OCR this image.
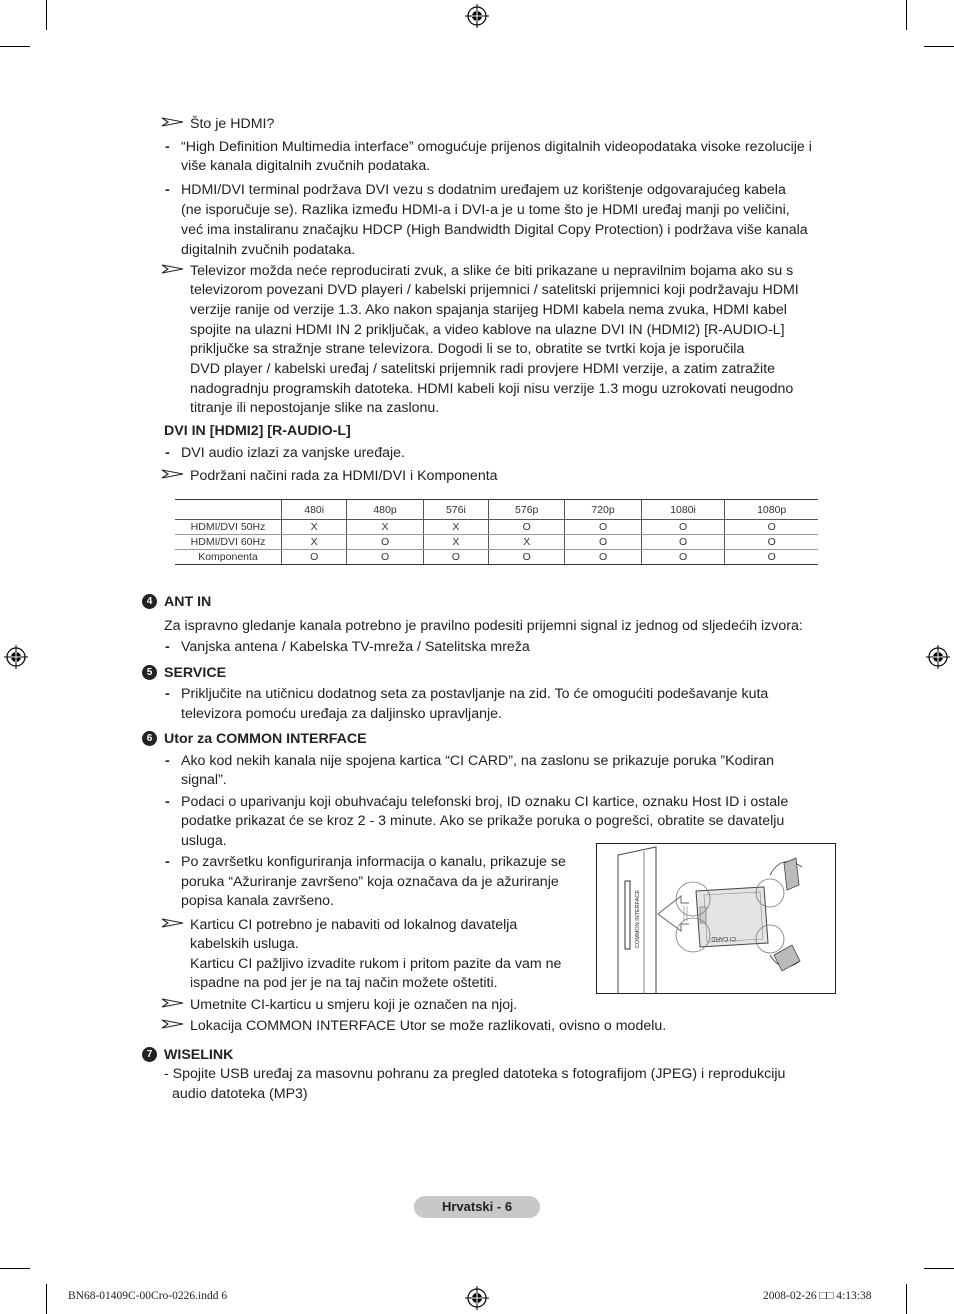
Što je HDMI?
- “High Definition Multimedia interface” omogućuje prijenos digitalnih videopodataka visoke rezolucije i
više kanala digitalnih zvučnih podataka.
- HDMI/DVI terminal podržava DVI vezu s dodatnim uređajem uz korištenje odgovarajućeg kabela
(ne isporučuje se). Razlika između HDMI-a i DVI-a je u tome što je HDMI uređaj manji po veličini,
već ima instaliranu značajku HDCP (High Bandwidth Digital Copy Protection) i podržava više kanala
digitalnih zvučnih podataka.
Televizor možda neće reproducirati zvuk, a slike će biti prikazane u nepravilnim bojama ako su s
televizorom povezani DVD playeri / kabelski prijemnici / satelitski prijemnici koji podržavaju HDMI
verzije ranije od verzije 1.3. Ako nakon spajanja starijeg HDMI kabela nema zvuka, HDMI kabel
spojite na ulazni HDMI IN 2 priključak, a video kablove na ulazne DVI IN (HDMI2) [R-AUDIO-L]
priključke sa stražnje strane televizora. Dogodi li se to, obratite se tvrtki koja je isporučila
DVD player / kabelski uređaj / satelitski prijemnik radi provjere HDMI verzije, a zatim zatražite
nadogradnju programskih datoteka. HDMI kabeli koji nisu verzije 1.3 mogu uzrokovati neugodno
titranje ili nepostojanje slike na zaslonu.
DVI IN [HDMI2] [R-AUDIO-L]
- DVI audio izlazi za vanjske uređaje.
Podržani načini rada za HDMI/DVI i Komponenta
	480i	480p	576i	576p	720p	1080i	1080p
HDMI/DVI 50Hz	X	X	X	O	O	O	O
HDMI/DVI 60Hz	X	O	X	X	O	O	O
Komponenta	O	O	O	O	O	O	O
4 ANT IN
Za ispravno gledanje kanala potrebno je pravilno podesiti prijemni signal iz jednog od sljedećih izvora:
- Vanjska antena / Kabelska TV-mreža / Satelitska mreža
5 SERVICE
- Priključite na utičnicu dodatnog seta za postavljanje na zid. To će omogućiti podešavanje kuta
televizora pomoću uređaja za daljinsko upravljanje.
6 Utor za COMMON INTERFACE
- Ako kod nekih kanala nije spojena kartica “CI CARD”, na zaslonu se prikazuje poruka ”Kodiran
signal”.
- Podaci o uparivanju koji obuhvaćaju telefonski broj, ID oznaku CI kartice, oznaku Host ID i ostale
podatke prikazat će se kroz 2 - 3 minute. Ako se prikaže poruka o pogrešci, obratite se davatelju
usluga.
- Po završetku konfiguriranja informacija o kanalu, prikazuje se
poruka “Ažuriranje završeno” koja označava da je ažuriranje
popisa kanala završeno.
Karticu CI potrebno je nabaviti od lokalnog davatelja
kabelskih usluga.
Karticu CI pažljivo izvadite rukom i pritom pazite da vam ne
ispadne na pod jer je na taj način možete oštetiti.
Umetnite CI-karticu u smjeru koji je označen na njoj.
Lokacija COMMON INTERFACE Utor se može razlikovati, ovisno o modelu.
COMMON INTERFACE	CI CARD
7 WISELINK
- Spojite USB uređaj za masovnu pohranu za pregled datoteka s fotografijom (JPEG) i reprodukciju
audio datoteka (MP3)
Hrvatski - 6
BN68-01409C-00Cro-0226.indd 6	2008-02-26 □□ 4:13:38
